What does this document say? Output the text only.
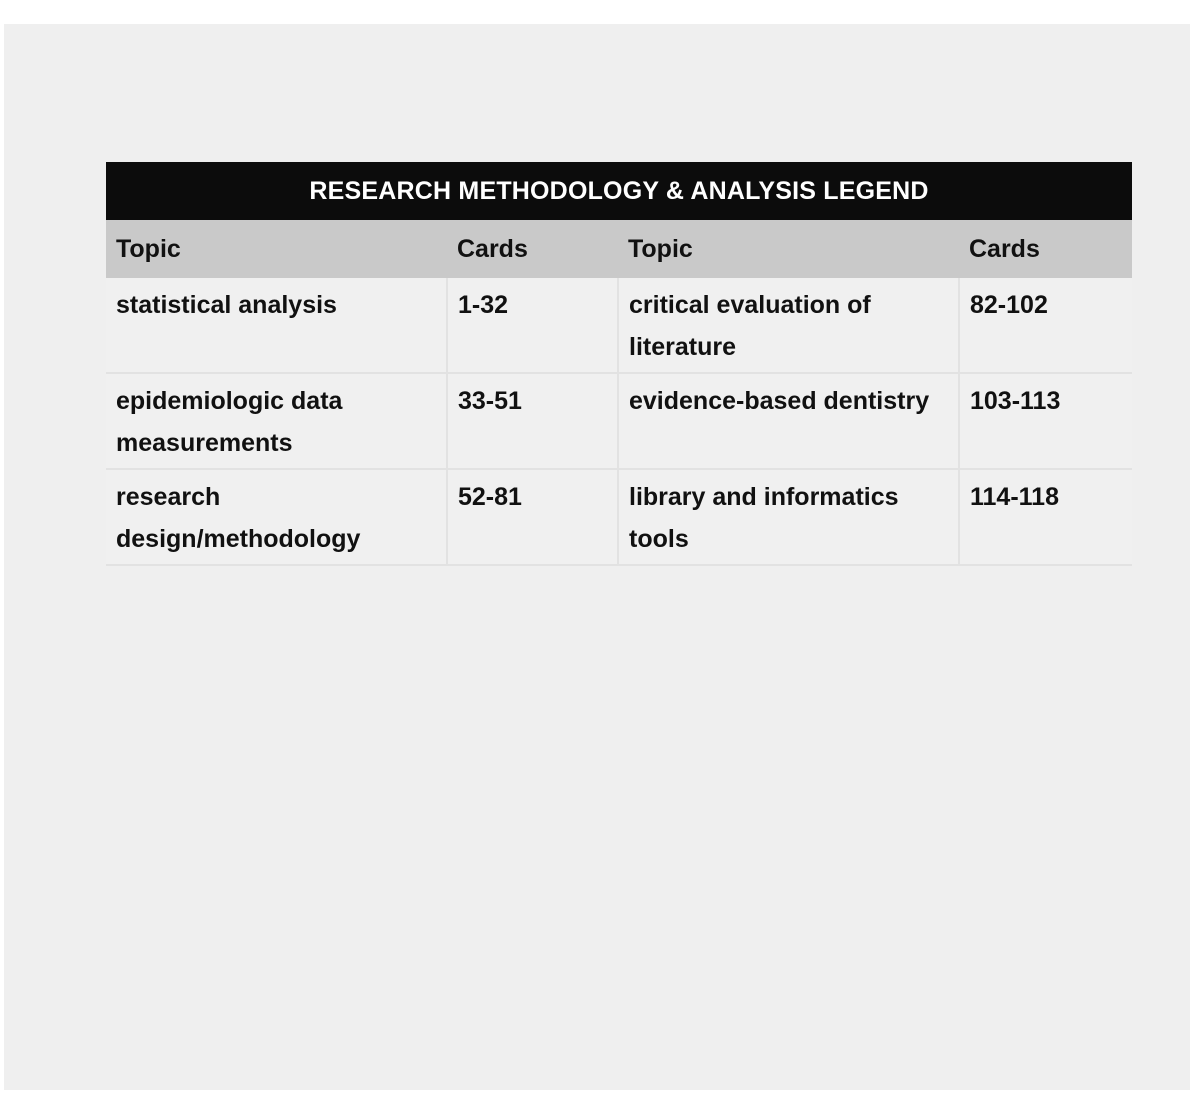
RESEARCH METHODOLOGY & ANALYSIS LEGEND			
Topic	Cards	Topic	Cards
statistical analysis	1-32	critical evaluation of literature	82-102
epidemiologic data measurements	33-51	evidence-based dentistry	103-113
research design/methodology	52-81	library and informatics tools	114-118
